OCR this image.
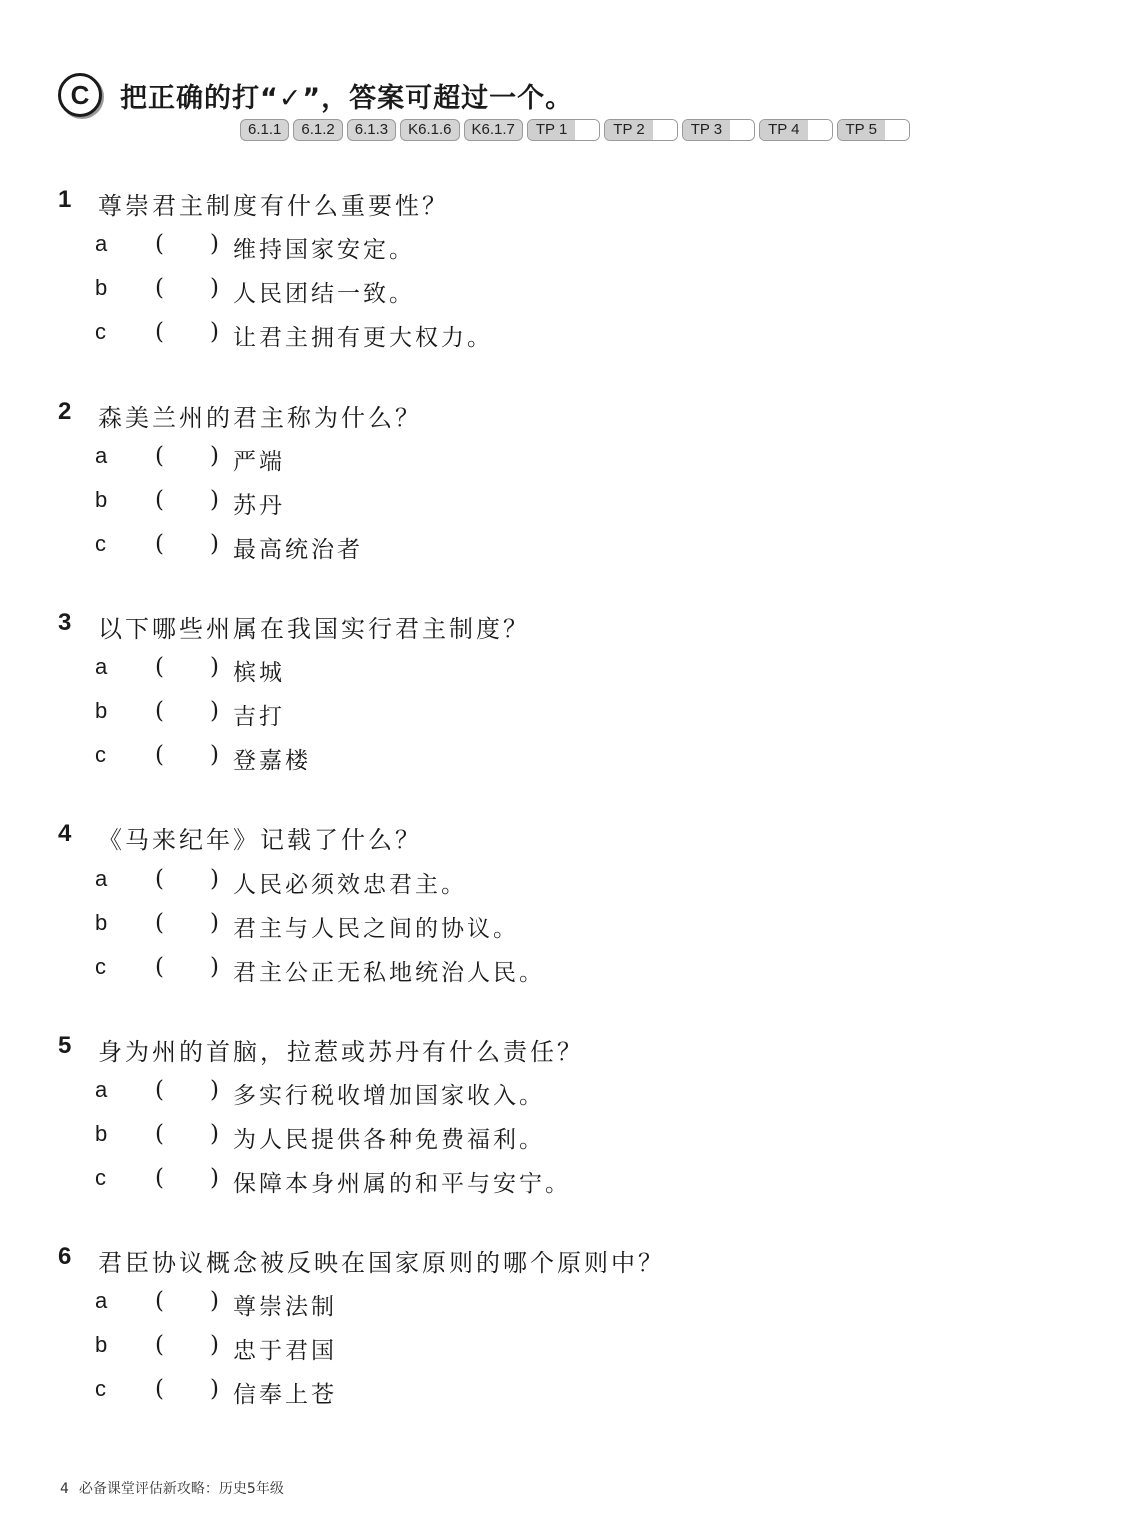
C	把正确的打“✓”，答案可超过一个。
6.1.1	6.1.2	6.1.3	K6.1.6	K6.1.7	TP 1	TP 2	TP 3	TP 4	TP 5
1 尊崇君主制度有什么重要性？
a ( ) 维持国家安定。
b ( ) 人民团结一致。
c ( ) 让君主拥有更大权力。
2 森美兰州的君主称为什么？
a ( ) 严端
b ( ) 苏丹
c ( ) 最高统治者
3 以下哪些州属在我国实行君主制度？
a ( ) 槟城
b ( ) 吉打
c ( ) 登嘉楼
4 《马来纪年》记载了什么？
a ( ) 人民必须效忠君主。
b ( ) 君主与人民之间的协议。
c ( ) 君主公正无私地统治人民。
5 身为州的首脑，拉惹或苏丹有什么责任？
a ( ) 多实行税收增加国家收入。
b ( ) 为人民提供各种免费福利。
c ( ) 保障本身州属的和平与安宁。
6 君臣协议概念被反映在国家原则的哪个原则中？
a ( ) 尊崇法制
b ( ) 忠于君国
c ( ) 信奉上苍
4 必备课堂评估新攻略：历史5年级
